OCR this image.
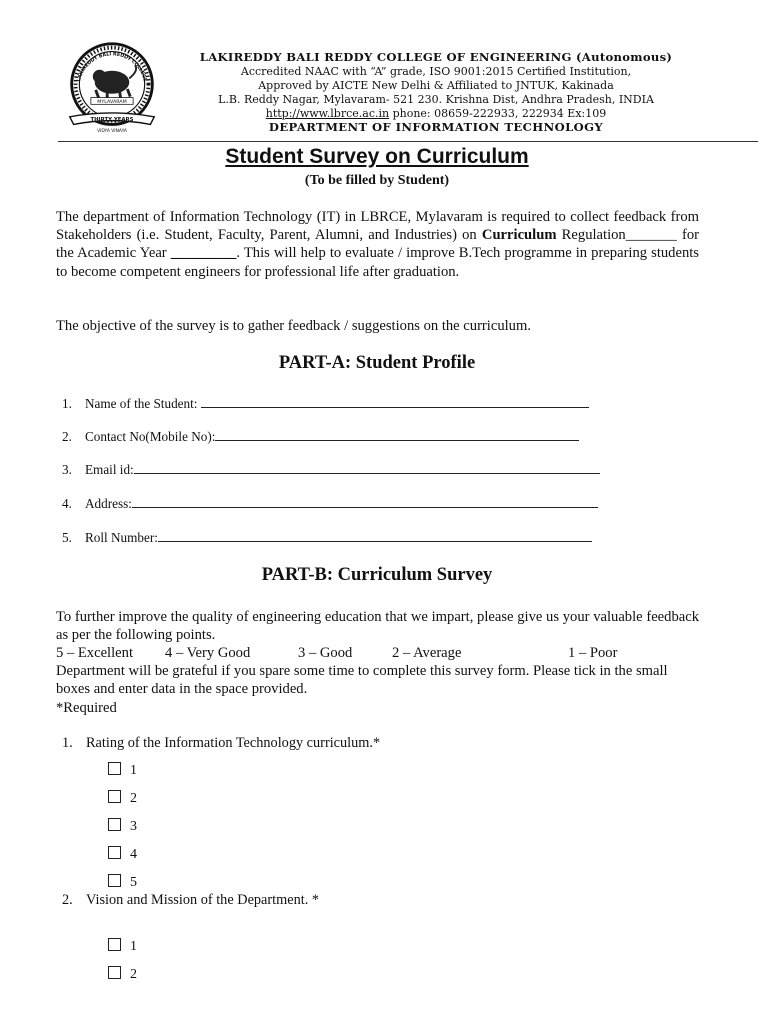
LAKIREDDY BALI REDDY COLLEGE
MYLAVARAM
THIRTY YEARS
VIDYA VINAYA
LAKIREDDY BALI REDDY COLLEGE OF ENGINEERING (Autonomous)
Accredited NAAC with “A” grade, ISO 9001:2015 Certified Institution,
Approved by AICTE New Delhi & Affiliated to JNTUK, Kakinada
L.B. Reddy Nagar, Mylavaram- 521 230. Krishna Dist, Andhra Pradesh, INDIA
http://www.lbrce.ac.in phone: 08659-222933, 222934 Ex:109
DEPARTMENT OF INFORMATION TECHNOLOGY
Student Survey on Curriculum
(To be filled by Student)
The department of Information Technology (IT) in LBRCE, Mylavaram is required to collect feedback from Stakeholders (i.e. Student, Faculty, Parent, Alumni, and Industries) on Curriculum Regulation_______ for the Academic Year _________. This will help to evaluate / improve B.Tech programme in preparing students to become competent engineers for professional life after graduation.
The objective of the survey is to gather feedback / suggestions on the curriculum.
PART-A: Student Profile
1. Name of the Student:
2. Contact No(Mobile No):
3. Email id:
4. Address:
5. Roll Number:
PART-B: Curriculum Survey
To further improve the quality of engineering education that we impart, please give us your valuable feedback as per the following points.
5 – Excellent 4 – Very Good	3 – Good	2 – Average	1 – Poor
Department will be grateful if you spare some time to complete this survey form. Please tick in the small boxes and enter data in the space provided.
*Required
1. Rating of the Information Technology curriculum.*
1
2
3
4
5
2. Vision and Mission of the Department. *
1
2
